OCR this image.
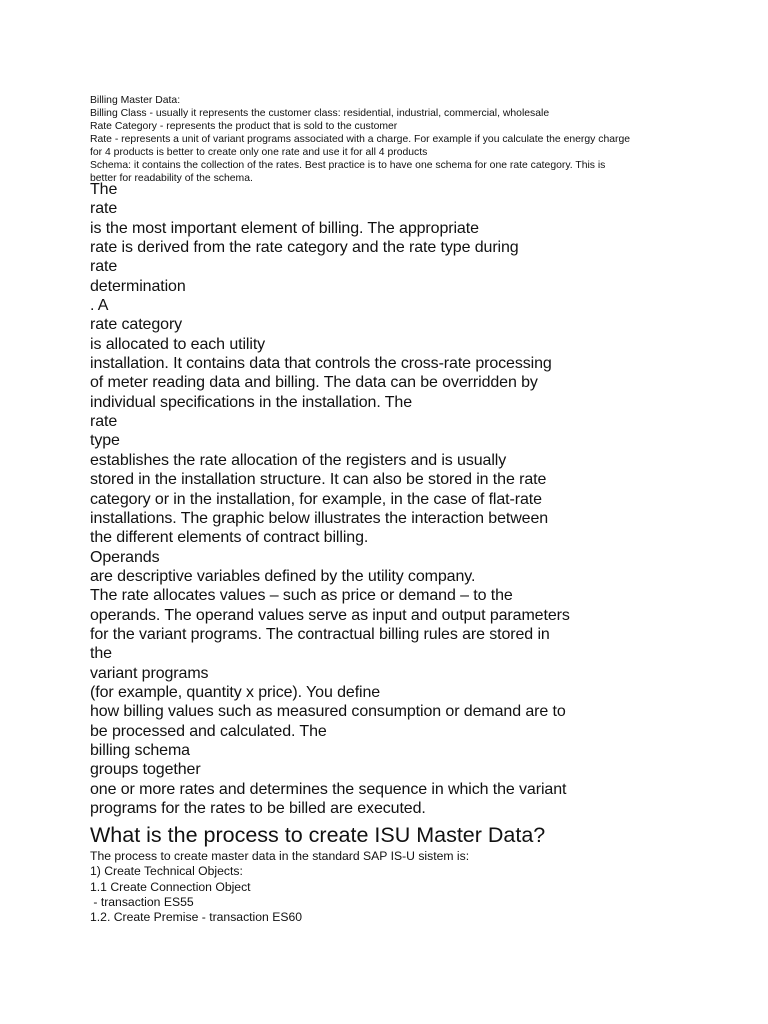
Billing Master Data:
Billing Class - usually it represents the customer class: residential, industrial, commercial, wholesale
Rate Category - represents the product that is sold to the customer
Rate - represents a unit of variant programs associated with a charge. For example if you calculate the energy charge
for 4 products is better to create only one rate and use it for all 4 products
Schema: it contains the collection of the rates. Best practice is to have one schema for one rate category. This is
better for readability of the schema.
The
rate
is the most important element of billing. The appropriate
rate is derived from the rate category and the rate type during
rate
determination
. A
rate category
is allocated to each utility
installation. It contains data that controls the cross-rate processing
of meter reading data and billing. The data can be overridden by
individual specifications in the installation. The
rate
type
establishes the rate allocation of the registers and is usually
stored in the installation structure. It can also be stored in the rate
category or in the installation, for example, in the case of flat-rate
installations. The graphic below illustrates the interaction between
the different elements of contract billing.
Operands
are descriptive variables defined by the utility company.
The rate allocates values – such as price or demand – to the
operands. The operand values serve as input and output parameters
for the variant programs. The contractual billing rules are stored in
the
variant programs
(for example, quantity x price). You define
how billing values such as measured consumption or demand are to
be processed and calculated. The
billing schema
groups together
one or more rates and determines the sequence in which the variant
programs for the rates to be billed are executed.
What is the process to create ISU Master Data?
The process to create master data in the standard SAP IS-U sistem is:
1) Create Technical Objects:
1.1 Create Connection Object
- transaction ES55
1.2. Create Premise - transaction ES60
